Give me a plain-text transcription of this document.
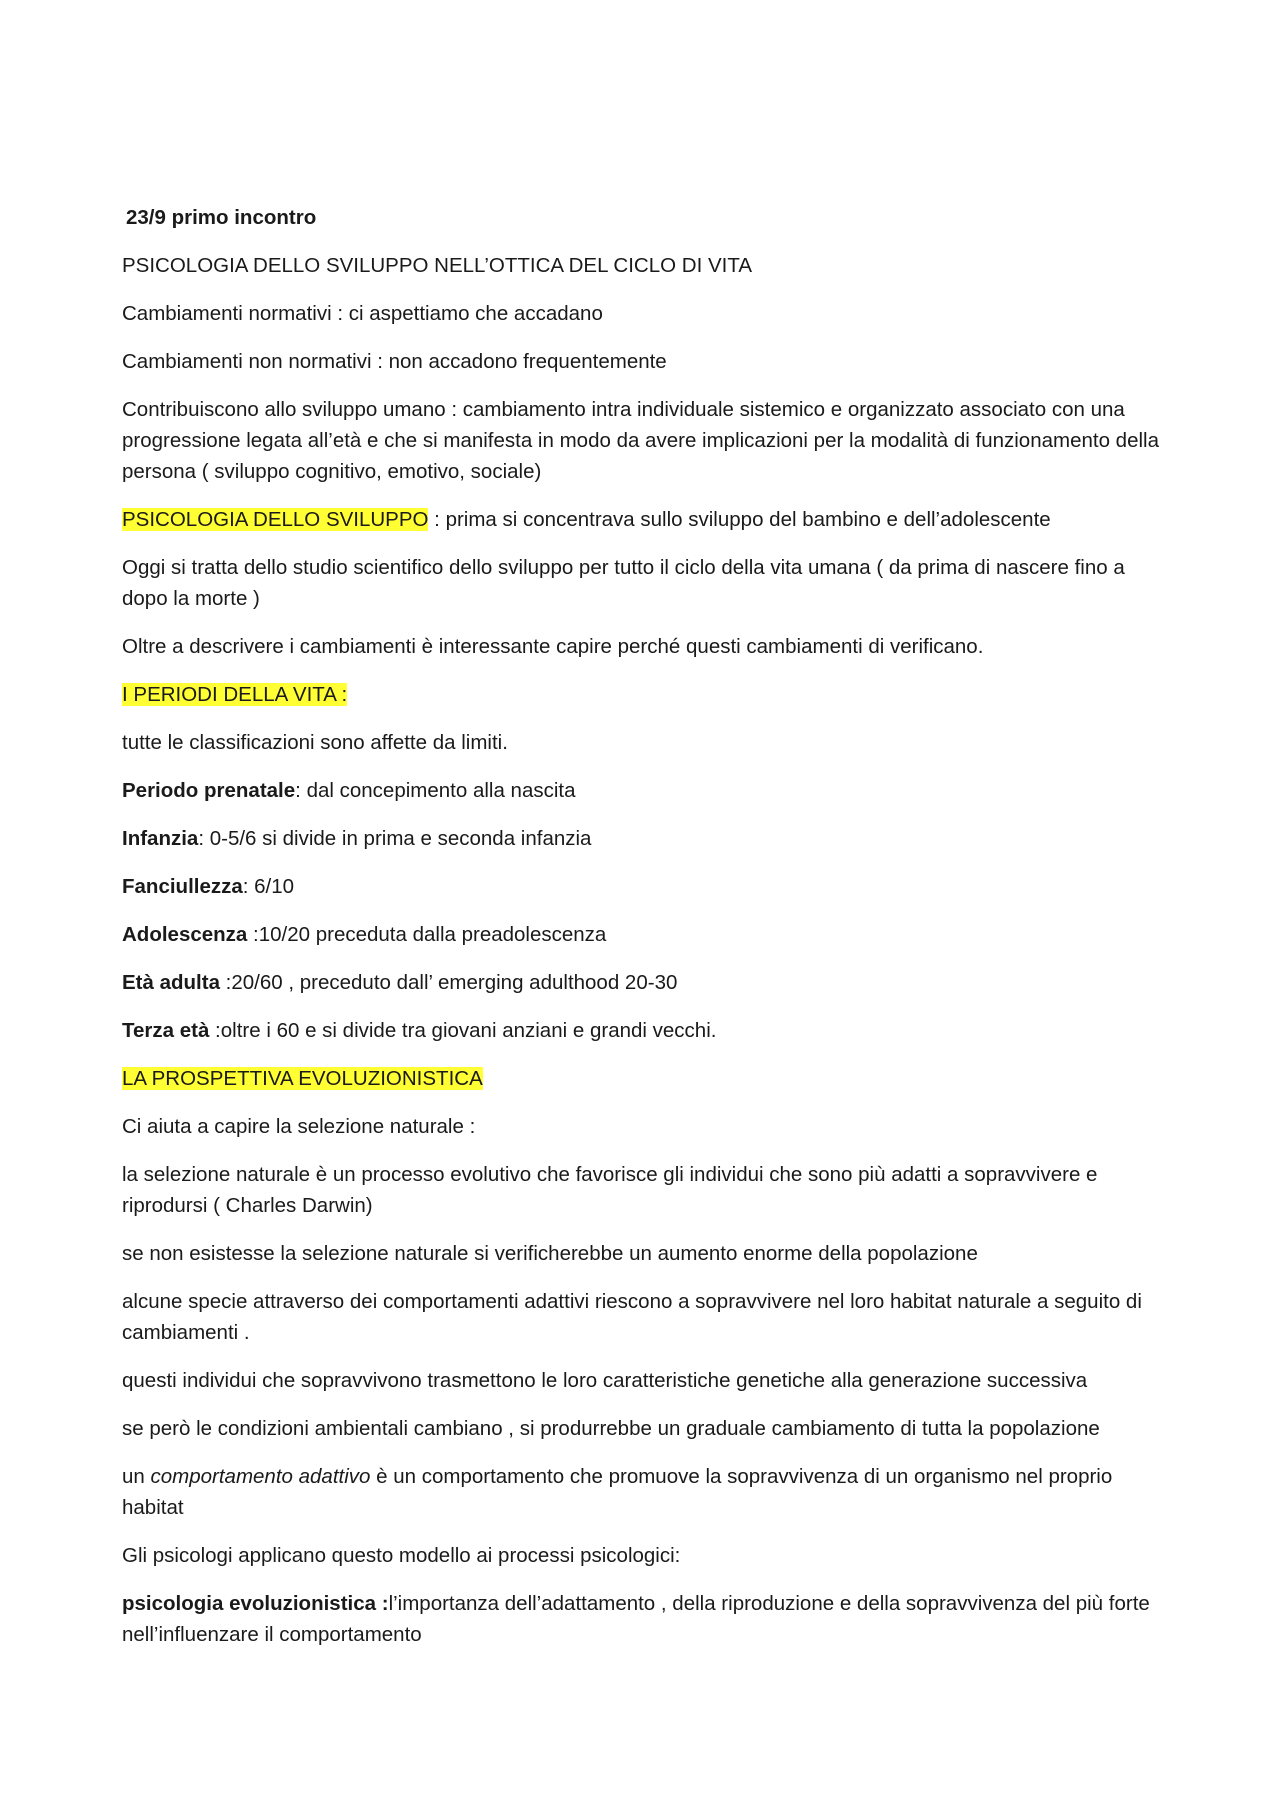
23/9 primo incontro

PSICOLOGIA DELLO SVILUPPO NELL’OTTICA DEL CICLO DI VITA

Cambiamenti normativi : ci aspettiamo che accadano

Cambiamenti non normativi : non accadono frequentemente

Contribuiscono allo sviluppo umano : cambiamento intra individuale sistemico e organizzato associato con una progressione legata all’età e che si manifesta in modo da avere implicazioni per la modalità di funzionamento della persona ( sviluppo cognitivo, emotivo, sociale)

PSICOLOGIA DELLO SVILUPPO : prima si concentrava sullo sviluppo del bambino e dell’adolescente

Oggi si tratta dello studio scientifico dello sviluppo per tutto il ciclo della vita umana ( da prima di nascere fino a dopo la morte )

Oltre a descrivere i cambiamenti è interessante capire perché questi cambiamenti di verificano.

I PERIODI DELLA VITA :

tutte le classificazioni sono affette da limiti.

Periodo prenatale: dal concepimento alla nascita

Infanzia: 0-5/6 si divide in prima e seconda infanzia

Fanciullezza: 6/10

Adolescenza :10/20 preceduta dalla preadolescenza

Età adulta :20/60 , preceduto dall’ emerging adulthood 20-30

Terza età :oltre i 60 e si divide tra giovani anziani e grandi vecchi.

LA PROSPETTIVA EVOLUZIONISTICA

Ci aiuta a capire la selezione naturale :

la selezione naturale è un processo evolutivo che favorisce gli individui che sono più adatti a sopravvivere e riprodursi ( Charles Darwin)

se non esistesse la selezione naturale si verificherebbe un aumento enorme della popolazione

alcune specie attraverso dei comportamenti adattivi riescono a sopravvivere nel loro habitat naturale a seguito di cambiamenti .

questi individui che sopravvivono trasmettono le loro caratteristiche genetiche alla generazione successiva

se però le condizioni ambientali cambiano , si produrrebbe un graduale cambiamento di tutta la popolazione

un comportamento adattivo è un comportamento che promuove la sopravvivenza di un organismo nel proprio habitat

Gli psicologi applicano questo modello ai processi psicologici:

psicologia evoluzionistica :l’importanza dell’adattamento , della riproduzione e della sopravvivenza del più forte nell’influenzare il comportamento
